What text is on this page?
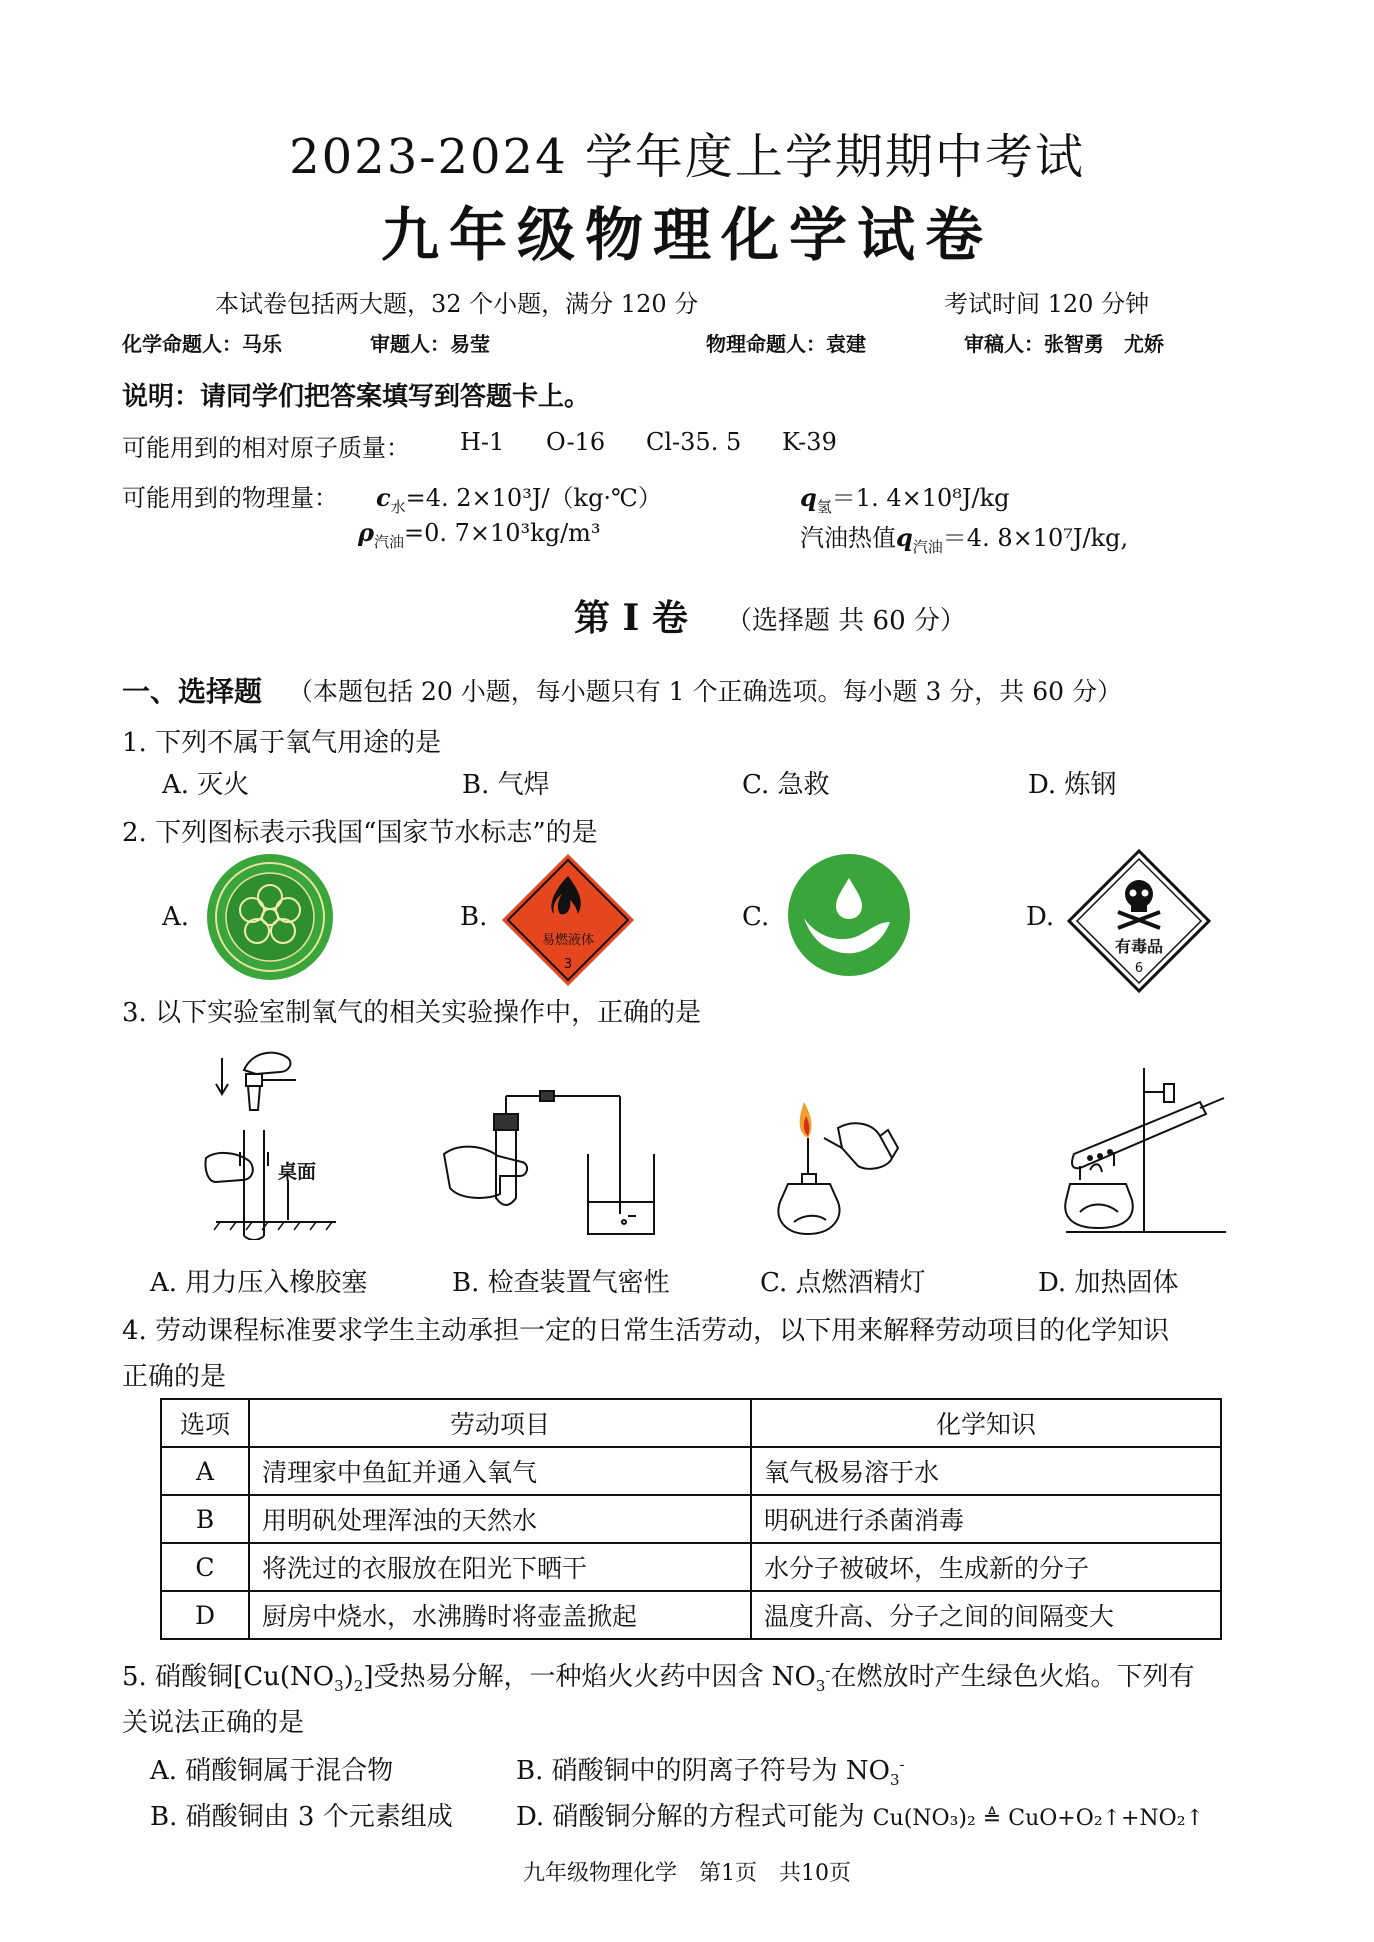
2023-2024 学年度上学期期中考试
九年级物理化学试卷
本试卷包括两大题，32 个小题，满分 120 分	考试时间 120 分钟
化学命题人：马乐	审题人：易莹	物理命题人：袁建	审稿人：张智勇　尤娇
说明：请同学们把答案填写到答题卡上。
可能用到的相对原子质量： H-1 O-16 Cl-35. 5 K-39
可能用到的物理量： $c_水=4$. 2×10³J/（kg·℃）
$\rho_{汽油}=0$. 7×10³kg/m³
$q_氢=1$. 4×10⁸J/kg
汽油热值$q_{汽油}=4$. 8×10⁷J/kg,
第 I 卷 （选择题 共 60 分）
一、选择题 （本题包括 20 小题，每小题只有 1 个正确选项。每小题 3 分，共 60 分）
1. 下列不属于氧气用途的是
A. 灭火	B. 气焊	C. 急救	D. 炼钢
2. 下列图标表示我国“国家节水标志”的是
A.	B.	C.	D.
易燃液体
3
有毒品
6
3. 以下实验室制氧气的相关实验操作中，正确的是
桌面
A. 用力压入橡胶塞	B. 检查装置气密性	C. 点燃酒精灯	D. 加热固体
4. 劳动课程标准要求学生主动承担一定的日常生活劳动，以下用来解释劳动项目的化学知识
正确的是
选项	劳动项目	化学知识
A	清理家中鱼缸并通入氧气	氧气极易溶于水
B	用明矾处理浑浊的天然水	明矾进行杀菌消毒
C	将洗过的衣服放在阳光下晒干	水分子被破坏，生成新的分子
D	厨房中烧水，水沸腾时将壶盖掀起	温度升高、分子之间的间隔变大
5. 硝酸铜$[Cu(NO_3)_2]$受热易分解，一种焰火火药中因含 $NO_3^-$在燃放时产生绿色火焰。下列有
关说法正确的是
A. 硝酸铜属于混合物	B. 硝酸铜中的阴离子符号为 $NO_3^-$
B. 硝酸铜由 3 个元素组成 D. 硝酸铜分解的方程式可能为 Cu(NO₃)₂ ≜ CuO+O₂↑+NO₂↑
九年级物理化学　第1页　共10页
